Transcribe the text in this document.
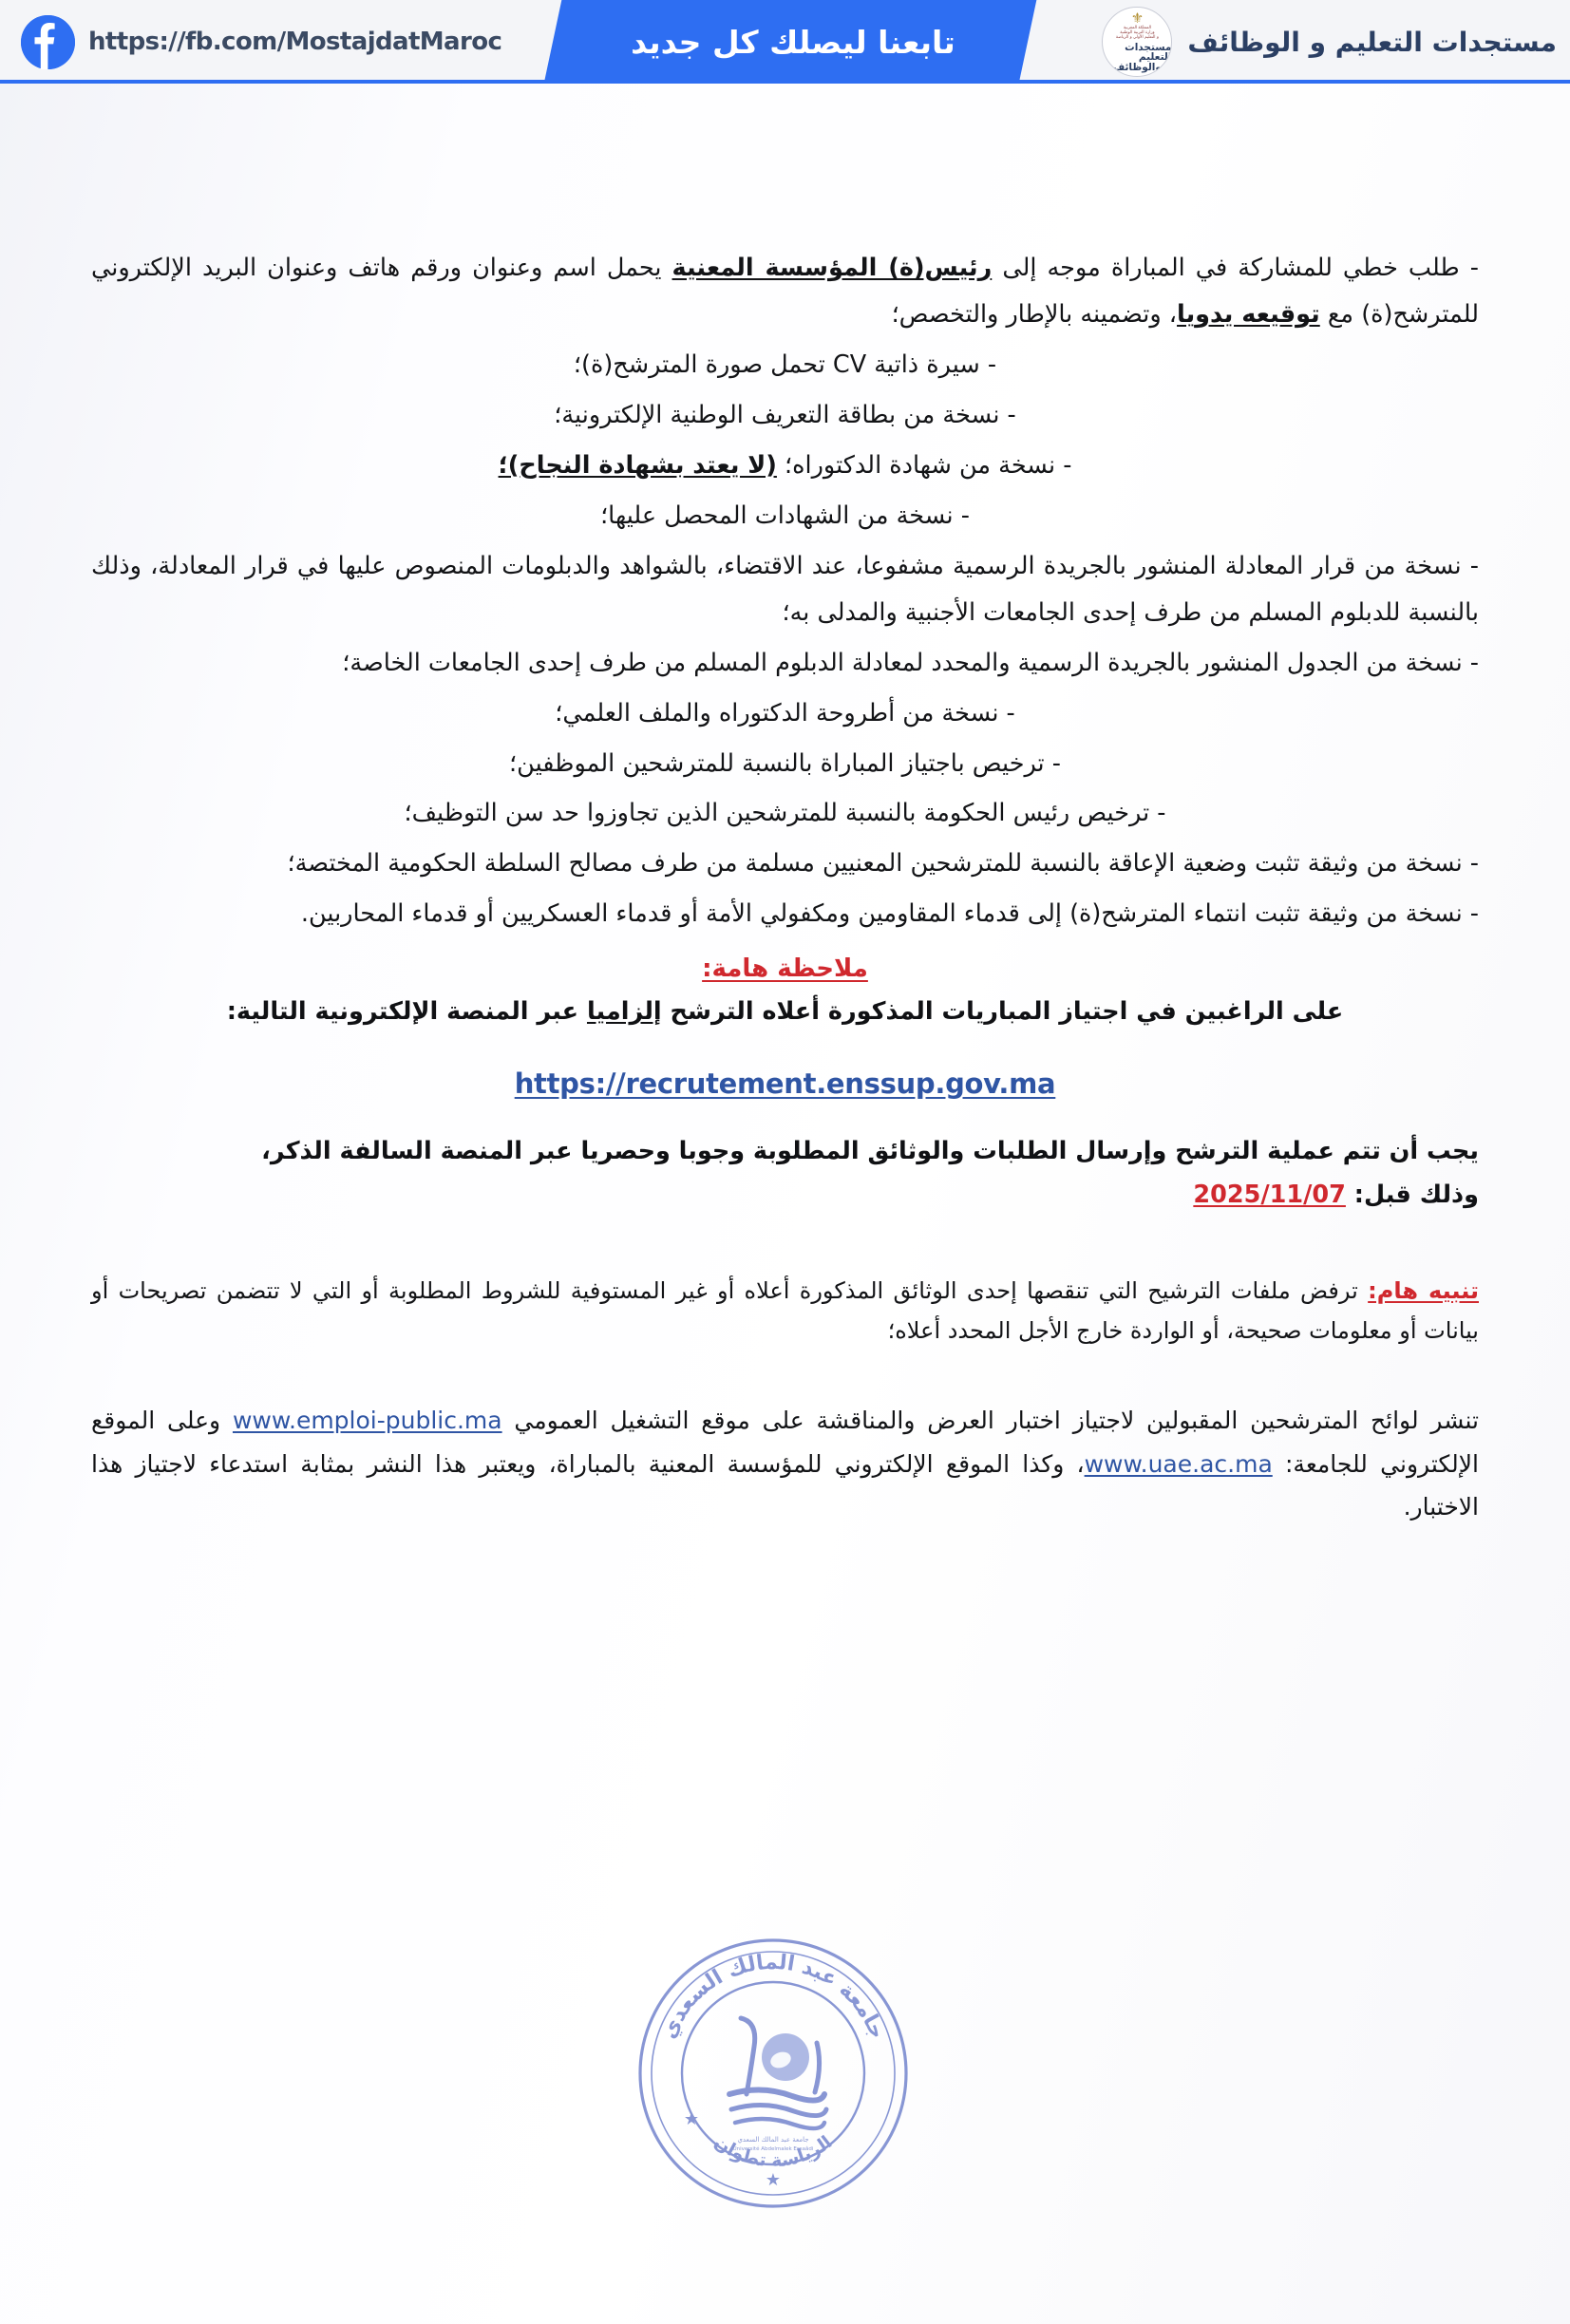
https://fb.com/MostajdatMaroc	تابعنا ليصلك كل جديد	مستجدات التعليم و الوظائف
⚜
المملكة المغربية
وزارة التربية الوطنية
و التعليم الأولي و الرياضة
مستجدات التعليم
والوظائف
- طلب خطي للمشاركة في المباراة موجه إلى رئيس(ة) المؤسسة المعنية يحمل اسم وعنوان ورقم هاتف وعنوان البريد الإلكتروني للمترشح(ة) مع توقيعه يدويا، وتضمينه بالإطار والتخصص؛
- سيرة ذاتية CV تحمل صورة المترشح(ة)؛
- نسخة من بطاقة التعريف الوطنية الإلكترونية؛
- نسخة من شهادة الدكتوراه؛ (لا يعتد بشهادة النجاح)؛
- نسخة من الشهادات المحصل عليها؛
- نسخة من قرار المعادلة المنشور بالجريدة الرسمية مشفوعا، عند الاقتضاء، بالشواهد والدبلومات المنصوص عليها في قرار المعادلة، وذلك بالنسبة للدبلوم المسلم من طرف إحدى الجامعات الأجنبية والمدلى به؛
- نسخة من الجدول المنشور بالجريدة الرسمية والمحدد لمعادلة الدبلوم المسلم من طرف إحدى الجامعات الخاصة؛
- نسخة من أطروحة الدكتوراه والملف العلمي؛
- ترخيص باجتياز المباراة بالنسبة للمترشحين الموظفين؛
- ترخيص رئيس الحكومة بالنسبة للمترشحين الذين تجاوزوا حد سن التوظيف؛
- نسخة من وثيقة تثبت وضعية الإعاقة بالنسبة للمترشحين المعنيين مسلمة من طرف مصالح السلطة الحكومية المختصة؛
- نسخة من وثيقة تثبت انتماء المترشح(ة) إلى قدماء المقاومين ومكفولي الأمة أو قدماء العسكريين أو قدماء المحاربين.
ملاحظة هامة:
على الراغبين في اجتياز المباريات المذكورة أعلاه الترشح إلزاميا عبر المنصة الإلكترونية التالية:
https://recrutement.enssup.gov.ma
يجب أن تتم عملية الترشح وإرسال الطلبات والوثائق المطلوبة وجوبا وحصريا عبر المنصة السالفة الذكر،
وذلك قبل: 2025/11/07
تنبيه هام: ترفض ملفات الترشيح التي تنقصها إحدى الوثائق المذكورة أعلاه أو غير المستوفية للشروط المطلوبة أو التي لا تتضمن تصريحات أو بيانات أو معلومات صحيحة، أو الواردة خارج الأجل المحدد أعلاه؛
تنشر لوائح المترشحين المقبولين لاجتياز اختبار العرض والمناقشة على موقع التشغيل العمومي www.emploi-public.ma وعلى الموقع الإلكتروني للجامعة: www.uae.ac.ma، وكذا الموقع الإلكتروني للمؤسسة المعنية بالمباراة، ويعتبر هذا النشر بمثابة استدعاء لاجتياز هذا الاختبار.
جامعة عبد المالك السعدي
الرياسة تطوان
جامعة عبد المالك السعدي
Université Abdelmalek Essaâdi
★
★
